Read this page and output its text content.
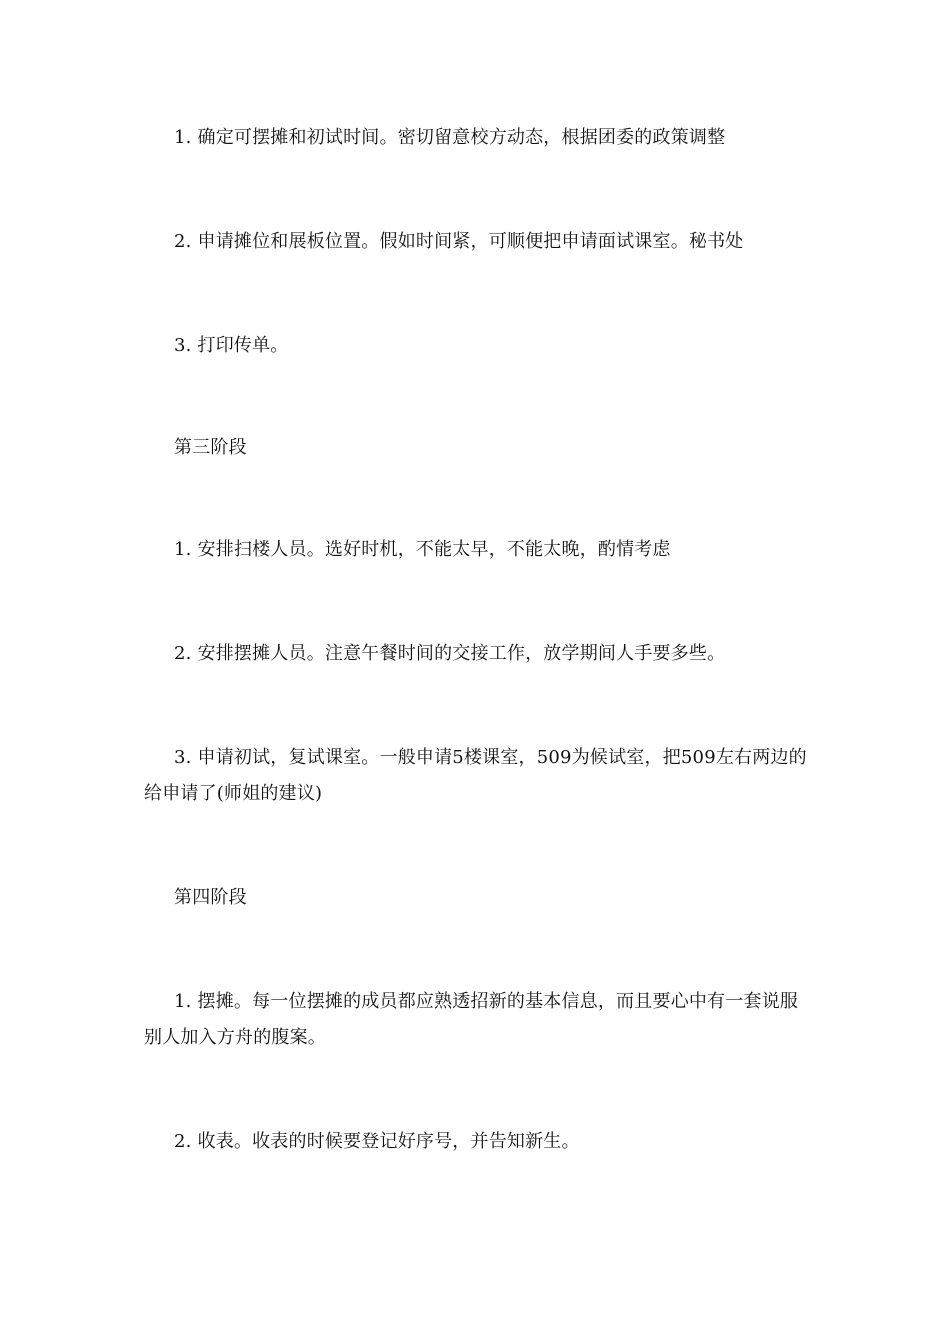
1. 确定可摆摊和初试时间。密切留意校方动态，根据团委的政策调整

2. 申请摊位和展板位置。假如时间紧，可顺便把申请面试课室。秘书处

3. 打印传单。

第三阶段

1. 安排扫楼人员。选好时机，不能太早，不能太晚，酌情考虑

2. 安排摆摊人员。注意午餐时间的交接工作，放学期间人手要多些。

3. 申请初试，复试课室。一般申请5楼课室，509为候试室，把509左右两边的给申请了(师姐的建议)

第四阶段

1. 摆摊。每一位摆摊的成员都应熟透招新的基本信息，而且要心中有一套说服别人加入方舟的腹案。

2. 收表。收表的时候要登记好序号，并告知新生。
